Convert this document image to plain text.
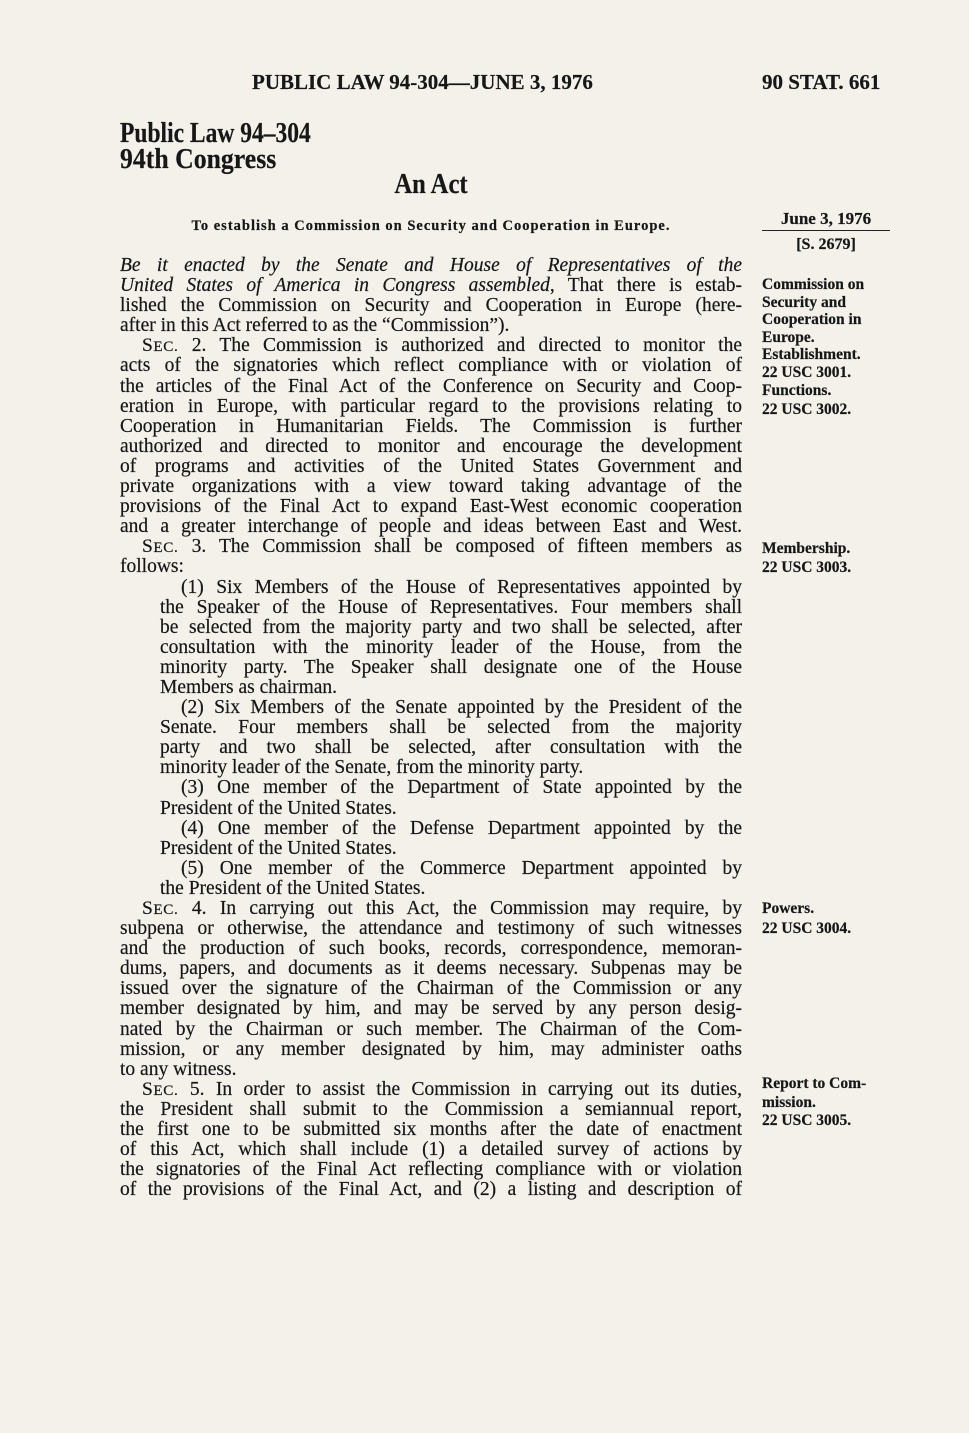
PUBLIC LAW 94-304—JUNE 3, 1976	90 STAT. 661
Public Law 94–304
94th Congress
An Act
To establish a Commission on Security and Cooperation in Europe.	June 3, 1976
[S. 2679]
Be it enacted by the Senate and House of Representatives of the
United States of America in Congress assembled, That there is estab-
lished the Commission on Security and Cooperation in Europe (here-
after in this Act referred to as the “Commission”).
SEC. 2. The Commission is authorized and directed to monitor the
acts of the signatories which reflect compliance with or violation of
the articles of the Final Act of the Conference on Security and Coop-
eration in Europe, with particular regard to the provisions relating to
Cooperation in Humanitarian Fields. The Commission is further
authorized and directed to monitor and encourage the development
of programs and activities of the United States Government and
private organizations with a view toward taking advantage of the
provisions of the Final Act to expand East-West economic cooperation
and a greater interchange of people and ideas between East and West.
SEC. 3. The Commission shall be composed of fifteen members as
follows:
(1) Six Members of the House of Representatives appointed by
the Speaker of the House of Representatives. Four members shall
be selected from the majority party and two shall be selected, after
consultation with the minority leader of the House, from the
minority party. The Speaker shall designate one of the House
Members as chairman.
(2) Six Members of the Senate appointed by the President of the
Senate. Four members shall be selected from the majority
party and two shall be selected, after consultation with the
minority leader of the Senate, from the minority party.
(3) One member of the Department of State appointed by the
President of the United States.
(4) One member of the Defense Department appointed by the
President of the United States.
(5) One member of the Commerce Department appointed by
the President of the United States.
SEC. 4. In carrying out this Act, the Commission may require, by
subpena or otherwise, the attendance and testimony of such witnesses
and the production of such books, records, correspondence, memoran-
dums, papers, and documents as it deems necessary. Subpenas may be
issued over the signature of the Chairman of the Commission or any
member designated by him, and may be served by any person desig-
nated by the Chairman or such member. The Chairman of the Com-
mission, or any member designated by him, may administer oaths
to any witness.
SEC. 5. In order to assist the Commission in carrying out its duties,
the President shall submit to the Commission a semiannual report,
the first one to be submitted six months after the date of enactment
of this Act, which shall include (1) a detailed survey of actions by
the signatories of the Final Act reflecting compliance with or violation
of the provisions of the Final Act, and (2) a listing and description of
Commission on
Security and
Cooperation in
Europe.
Establishment.
22 USC 3001.
Functions.
22 USC 3002.
Membership.
22 USC 3003.
Powers.
22 USC 3004.
Report to Com-
mission.
22 USC 3005.
